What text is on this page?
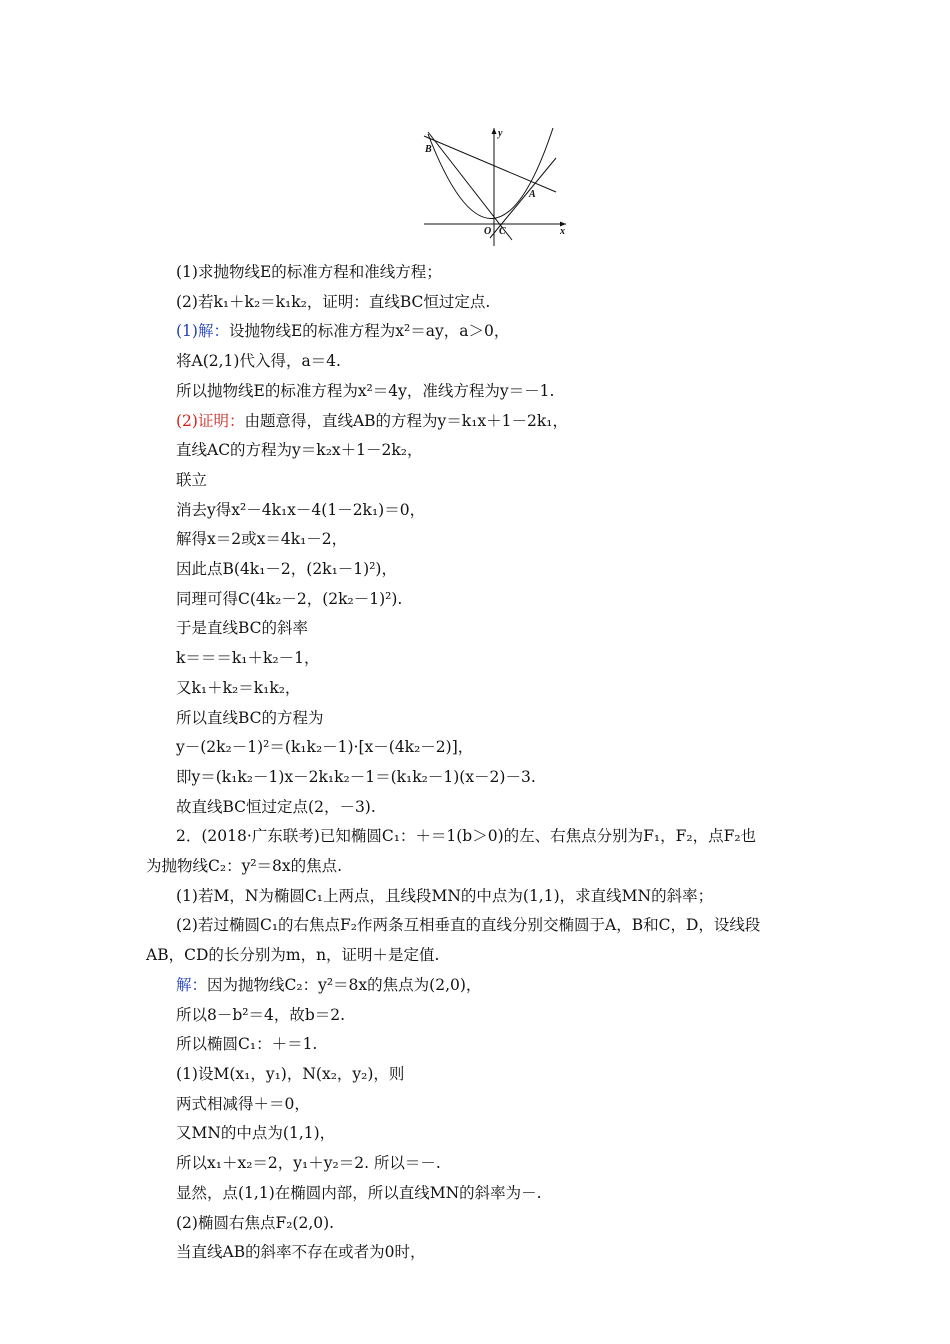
B
A
y
x
O C
(1)求抛物线E的标准方程和准线方程；
(2)若k₁＋k₂＝k₁k₂，证明：直线BC恒过定点.
(1)解：设抛物线E的标准方程为x²＝ay，a＞0，
将A(2,1)代入得，a＝4.
所以抛物线E的标准方程为x²＝4y，准线方程为y＝－1.
(2)证明：由题意得，直线AB的方程为y＝k₁x＋1－2k₁，
直线AC的方程为y＝k₂x＋1－2k₂，
联立
消去y得x²－4k₁x－4(1－2k₁)＝0，
解得x＝2或x＝4k₁－2，
因此点B(4k₁－2，(2k₁－1)²)，
同理可得C(4k₂－2，(2k₂－1)²).
于是直线BC的斜率
k＝＝＝k₁＋k₂－1，
又k₁＋k₂＝k₁k₂，
所以直线BC的方程为
y－(2k₂－1)²＝(k₁k₂－1)·[x－(4k₂－2)]，
即y＝(k₁k₂－1)x－2k₁k₂－1＝(k₁k₂－1)(x－2)－3.
故直线BC恒过定点(2，－3).
2．(2018·广东联考)已知椭圆C₁：＋＝1(b＞0)的左、右焦点分别为F₁，F₂，点F₂也
为抛物线C₂：y²＝8x的焦点.
(1)若M，N为椭圆C₁上两点，且线段MN的中点为(1,1)，求直线MN的斜率；
(2)若过椭圆C₁的右焦点F₂作两条互相垂直的直线分别交椭圆于A，B和C，D，设线段
AB，CD的长分别为m，n，证明＋是定值.
解：因为抛物线C₂：y²＝8x的焦点为(2,0)，
所以8－b²＝4，故b＝2.
所以椭圆C₁：＋＝1.
(1)设M(x₁，y₁)，N(x₂，y₂)，则
两式相减得＋＝0，
又MN的中点为(1,1)，
所以x₁＋x₂＝2，y₁＋y₂＝2. 所以＝－.
显然，点(1,1)在椭圆内部，所以直线MN的斜率为－.
(2)椭圆右焦点F₂(2,0).
当直线AB的斜率不存在或者为0时，
